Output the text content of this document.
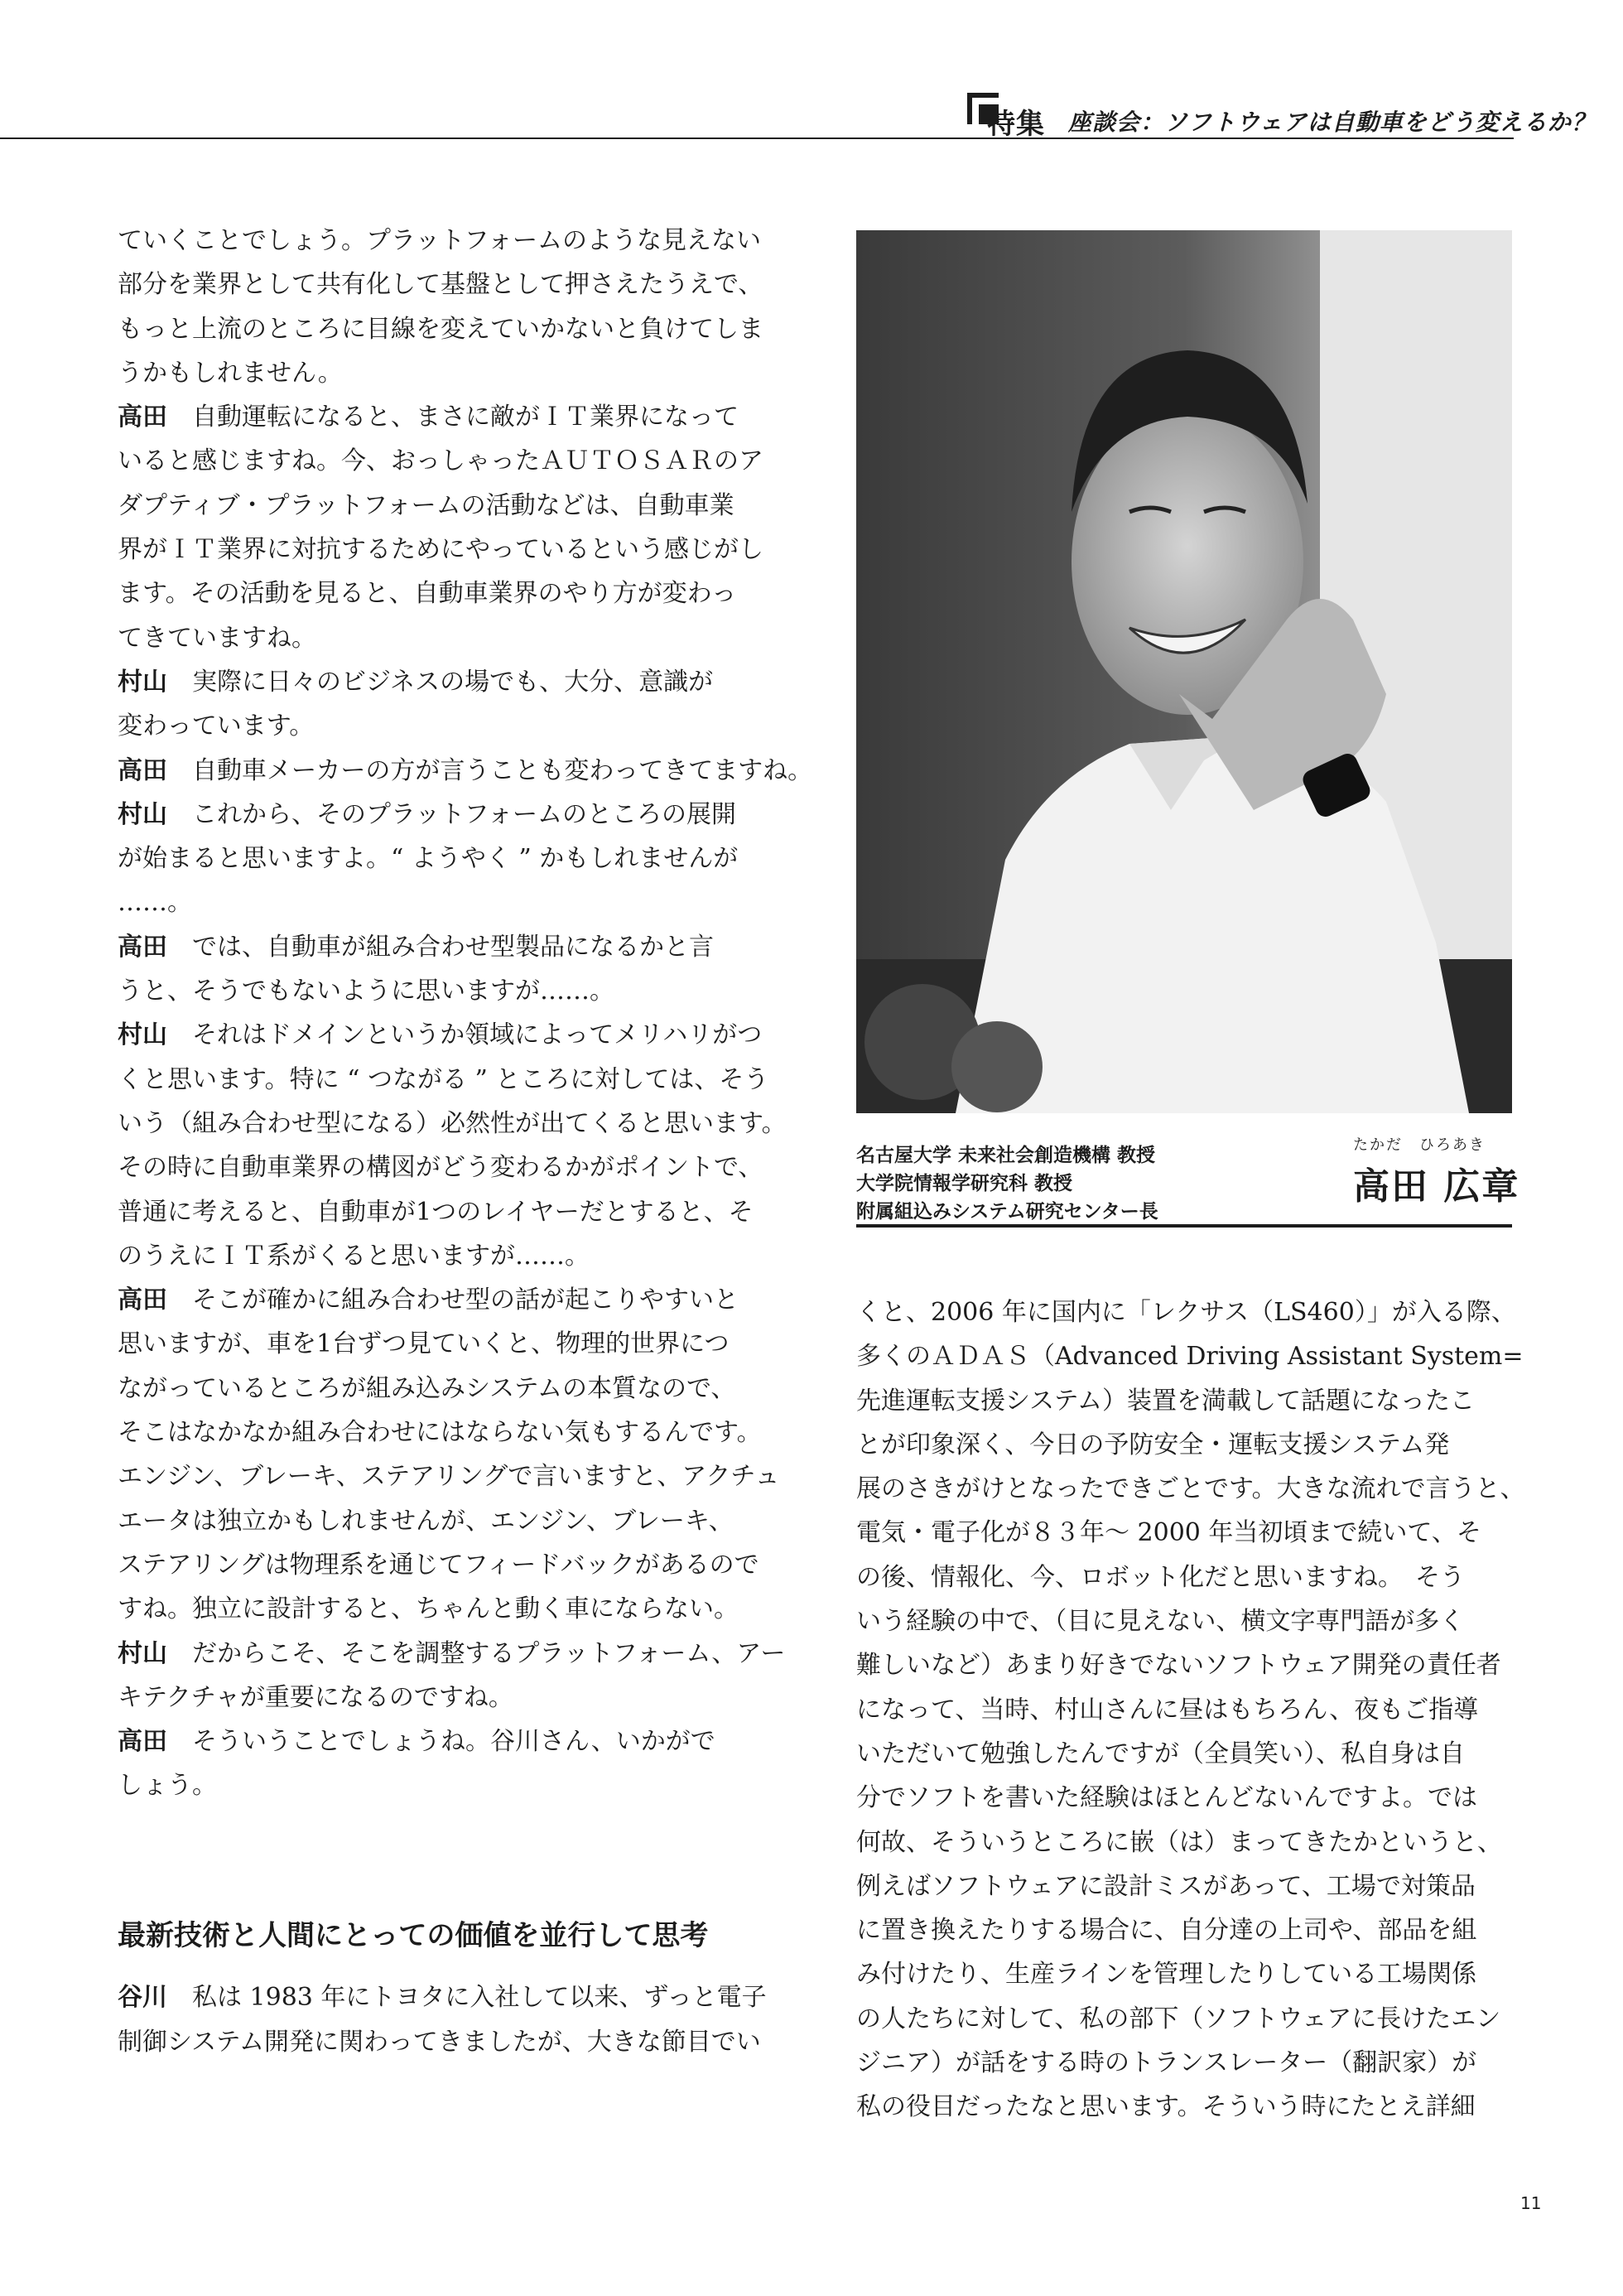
特集 座談会：ソフトウェアは自動車をどう変えるか？
ていくことでしょう。プラットフォームのような見えない
部分を業界として共有化して基盤として押さえたうえで、
もっと上流のところに目線を変えていかないと負けてしま
うかもしれません。
高田 自動運転になると、まさに敵がＩＴ業界になって
いると感じますね。今、おっしゃったＡＵＴＯＳＡＲのア
ダプティブ・プラットフォームの活動などは、自動車業
界がＩＴ業界に対抗するためにやっているという感じがし
ます。その活動を見ると、自動車業界のやり方が変わっ
てきていますね。
村山 実際に日々のビジネスの場でも、大分、意識が
変わっています。
高田 自動車メーカーの方が言うことも変わってきてますね。
村山 これから、そのプラットフォームのところの展開
が始まると思いますよ。“ ようやく ” かもしれませんが
……。
高田 では、自動車が組み合わせ型製品になるかと言
うと、そうでもないように思いますが……。
村山 それはドメインというか領域によってメリハリがつ
くと思います。特に “ つながる ” ところに対しては、そう
いう（組み合わせ型になる）必然性が出てくると思います。
その時に自動車業界の構図がどう変わるかがポイントで、
普通に考えると、自動車が1つのレイヤーだとすると、そ
のうえにＩＴ系がくると思いますが……。
高田 そこが確かに組み合わせ型の話が起こりやすいと
思いますが、車を1台ずつ見ていくと、物理的世界につ
ながっているところが組み込みシステムの本質なので、
そこはなかなか組み合わせにはならない気もするんです。
エンジン、ブレーキ、ステアリングで言いますと、アクチュ
エータは独立かもしれませんが、エンジン、ブレーキ、
ステアリングは物理系を通じてフィードバックがあるので
すね。独立に設計すると、ちゃんと動く車にならない。
村山 だからこそ、そこを調整するプラットフォーム、アー
キテクチャが重要になるのですね。
高田 そういうことでしょうね。谷川さん、いかがで
しょう。
最新技術と人間にとっての価値を並行して思考
谷川 私は 1983 年にトヨタに入社して以来、ずっと電子
制御システム開発に関わってきましたが、大きな節目でい
名古屋大学 未来社会創造機構 教授
大学院情報学研究科 教授
附属組込みシステム研究センター長
たかだ　ひろあき
高田 広章
くと、2006 年に国内に「レクサス（LS460）」が入る際、
多くのＡＤＡＳ（Advanced Driving Assistant System=
先進運転支援システム）装置を満載して話題になったこ
とが印象深く、今日の予防安全・運転支援システム発
展のさきがけとなったできごとです。大きな流れで言うと、
電気・電子化が８３年～ 2000 年当初頃まで続いて、そ
の後、情報化、今、ロボット化だと思いますね。　そう
いう経験の中で、（目に見えない、横文字専門語が多く
難しいなど）あまり好きでないソフトウェア開発の責任者
になって、当時、村山さんに昼はもちろん、夜もご指導
いただいて勉強したんですが（全員笑い）、私自身は自
分でソフトを書いた経験はほとんどないんですよ。では
何故、そういうところに嵌（は）まってきたかというと、
例えばソフトウェアに設計ミスがあって、工場で対策品
に置き換えたりする場合に、自分達の上司や、部品を組
み付けたり、生産ラインを管理したりしている工場関係
の人たちに対して、私の部下（ソフトウェアに長けたエン
ジニア）が話をする時のトランスレーター（翻訳家）が
私の役目だったなと思います。そういう時にたとえ詳細
11
